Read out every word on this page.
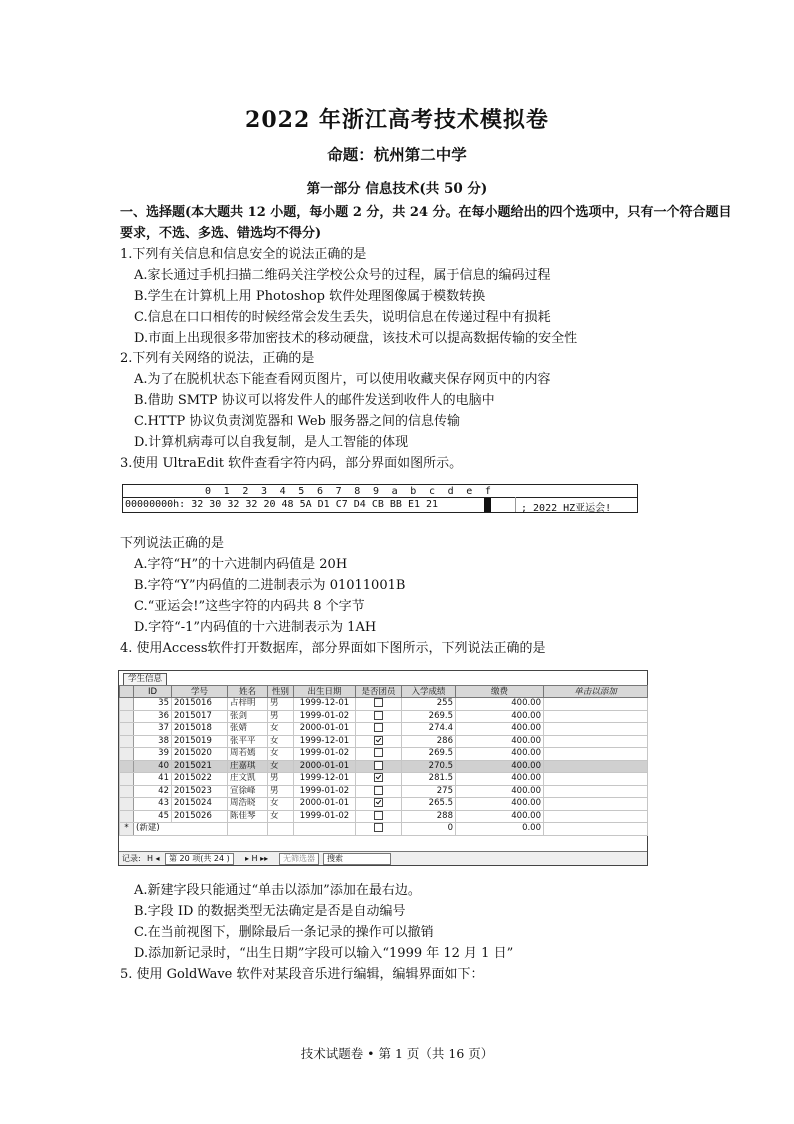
2022 年浙江高考技术模拟卷
命题：杭州第二中学
第一部分 信息技术(共 50 分)
一、选择题(本大题共 12 小题，每小题 2 分，共 24 分。在每小题给出的四个选项中，只有一个符合题目
要求，不选、多选、错选均不得分)
1.下列有关信息和信息安全的说法正确的是
A.家长通过手机扫描二维码关注学校公众号的过程，属于信息的编码过程
B.学生在计算机上用 Photoshop 软件处理图像属于模数转换
C.信息在口口相传的时候经常会发生丢失，说明信息在传递过程中有损耗
D.市面上出现很多带加密技术的移动硬盘，该技术可以提高数据传输的安全性
2.下列有关网络的说法，正确的是
A.为了在脱机状态下能查看网页图片，可以使用收藏夹保存网页中的内容
B.借助 SMTP 协议可以将发件人的邮件发送到收件人的电脑中
C.HTTP 协议负责浏览器和 Web 服务器之间的信息传输
D.计算机病毒可以自我复制，是人工智能的体现
3.使用 UltraEdit 软件查看字符内码，部分界面如图所示。
0  1  2  3  4  5  6  7  8  9  a  b  c  d  e  f
00000000h: 32 30 32 32 20 48 5A D1 C7 D4 CB BB E1 21	; 2022 HZ亚运会!
下列说法正确的是
A.字符“H”的十六进制内码值是 20H
B.字符“Y”内码值的二进制表示为 01011001B
C.“亚运会!”这些字符的内码共 8 个字节
D.字符“-1”内码值的十六进制表示为 1AH
4. 使用Access软件打开数据库，部分界面如下图所示，下列说法正确的是
学生信息
	ID	学号	姓名	性别	出生日期	是否团员	入学成绩	缴费	单击以添加
	35	2015016	占梓明	男	1999-12-01		255	400.00	
	36	2015017	张剑	男	1999-01-02		269.5	400.00	
	37	2015018	张婧	女	2000-01-01		274.4	400.00	
	38	2015019	张平平	女	1999-12-01		286	400.00	
	39	2015020	周若嫣	女	1999-01-02		269.5	400.00	
	40	2015021	庄嘉琪	女	2000-01-01		270.5	400.00	
	41	2015022	庄文凯	男	1999-12-01		281.5	400.00	
	42	2015023	宣徐峰	男	1999-01-02		275	400.00	
	43	2015024	周浩晓	女	2000-01-01		265.5	400.00	
	45	2015026	陈佳琴	女	1999-01-02		288	400.00	
*	(新建)						0	0.00	
记录: H ◂	第 20 项(共 24 )	▸ H ▸▸	无筛选器	搜索
A.新建字段只能通过“单击以添加”添加在最右边。
B.字段 ID 的数据类型无法确定是否是自动编号
C.在当前视图下，删除最后一条记录的操作可以撤销
D.添加新记录时，“出生日期”字段可以输入“1999 年 12 月 1 日”
5. 使用 GoldWave 软件对某段音乐进行编辑，编辑界面如下：
技术试题卷 • 第 1 页（共 16 页）
